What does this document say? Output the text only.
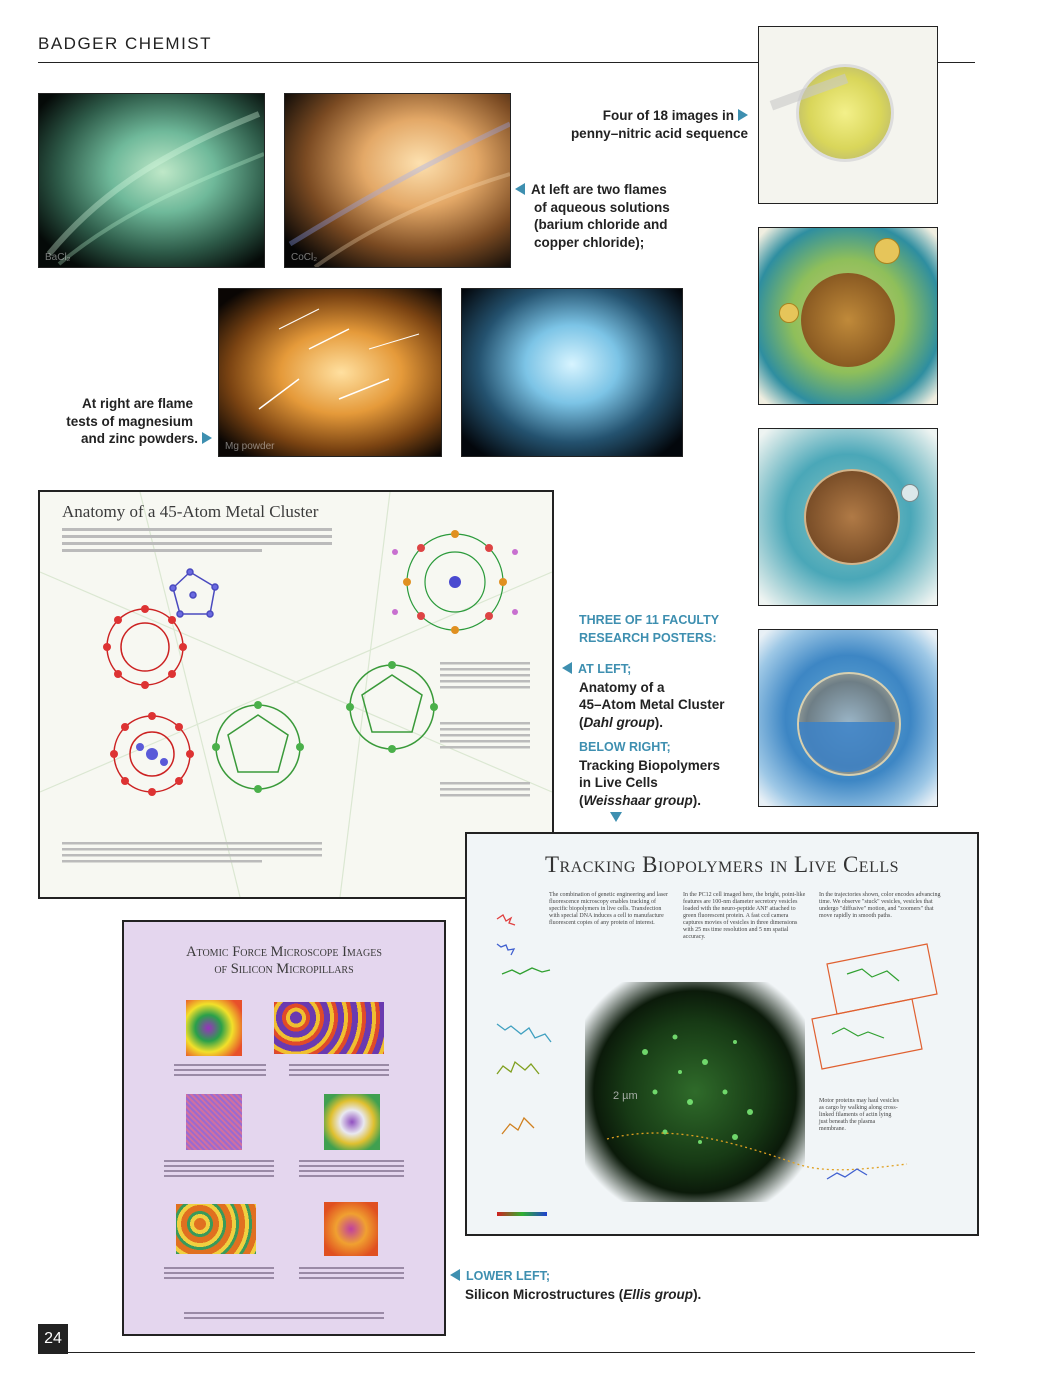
BADGER CHEMIST
BaCl₂	CoCl₂
Mg powder
Four of 18 images in
penny–nitric acid sequence
At left are two flames
of aqueous solutions
(barium chloride and
copper chloride);
At right are flame
tests of magnesium
and zinc powders.
THREE OF 11 FACULTY
RESEARCH POSTERS:
AT LEFT;
Anatomy of a
45–Atom Metal Cluster
(Dahl group).
BELOW RIGHT;
Tracking Biopolymers
in Live Cells
(Weisshaar group).
LOWER LEFT;
Silicon Microstructures (Ellis group).
Anatomy of a 45-Atom Metal Cluster
Tracking Biopolymers in Live Cells
The combination of genetic engineering and laser fluorescence microscopy enables tracking of specific biopolymers in live cells. Transfection with special DNA induces a cell to manufacture fluorescent copies of any protein of interest.
In the PC12 cell imaged here, the bright, point-like features are 100-nm diameter secretory vesicles loaded with the neuro-peptide ANF attached to green fluorescent protein. A fast ccd camera captures movies of vesicles in three dimensions with 25 ms time resolution and 5 nm spatial accuracy.
In the trajectories shown, color encodes advancing time. We observe "stuck" vesicles, vesicles that undergo "diffusive" motion, and "zoomers" that move rapidly in smooth paths.
2 µm	Motor proteins may haul vesicles as cargo by walking along cross-linked filaments of actin lying just beneath the plasma membrane.
Atomic Force Microscope Images
of Silicon Micropillars
24
